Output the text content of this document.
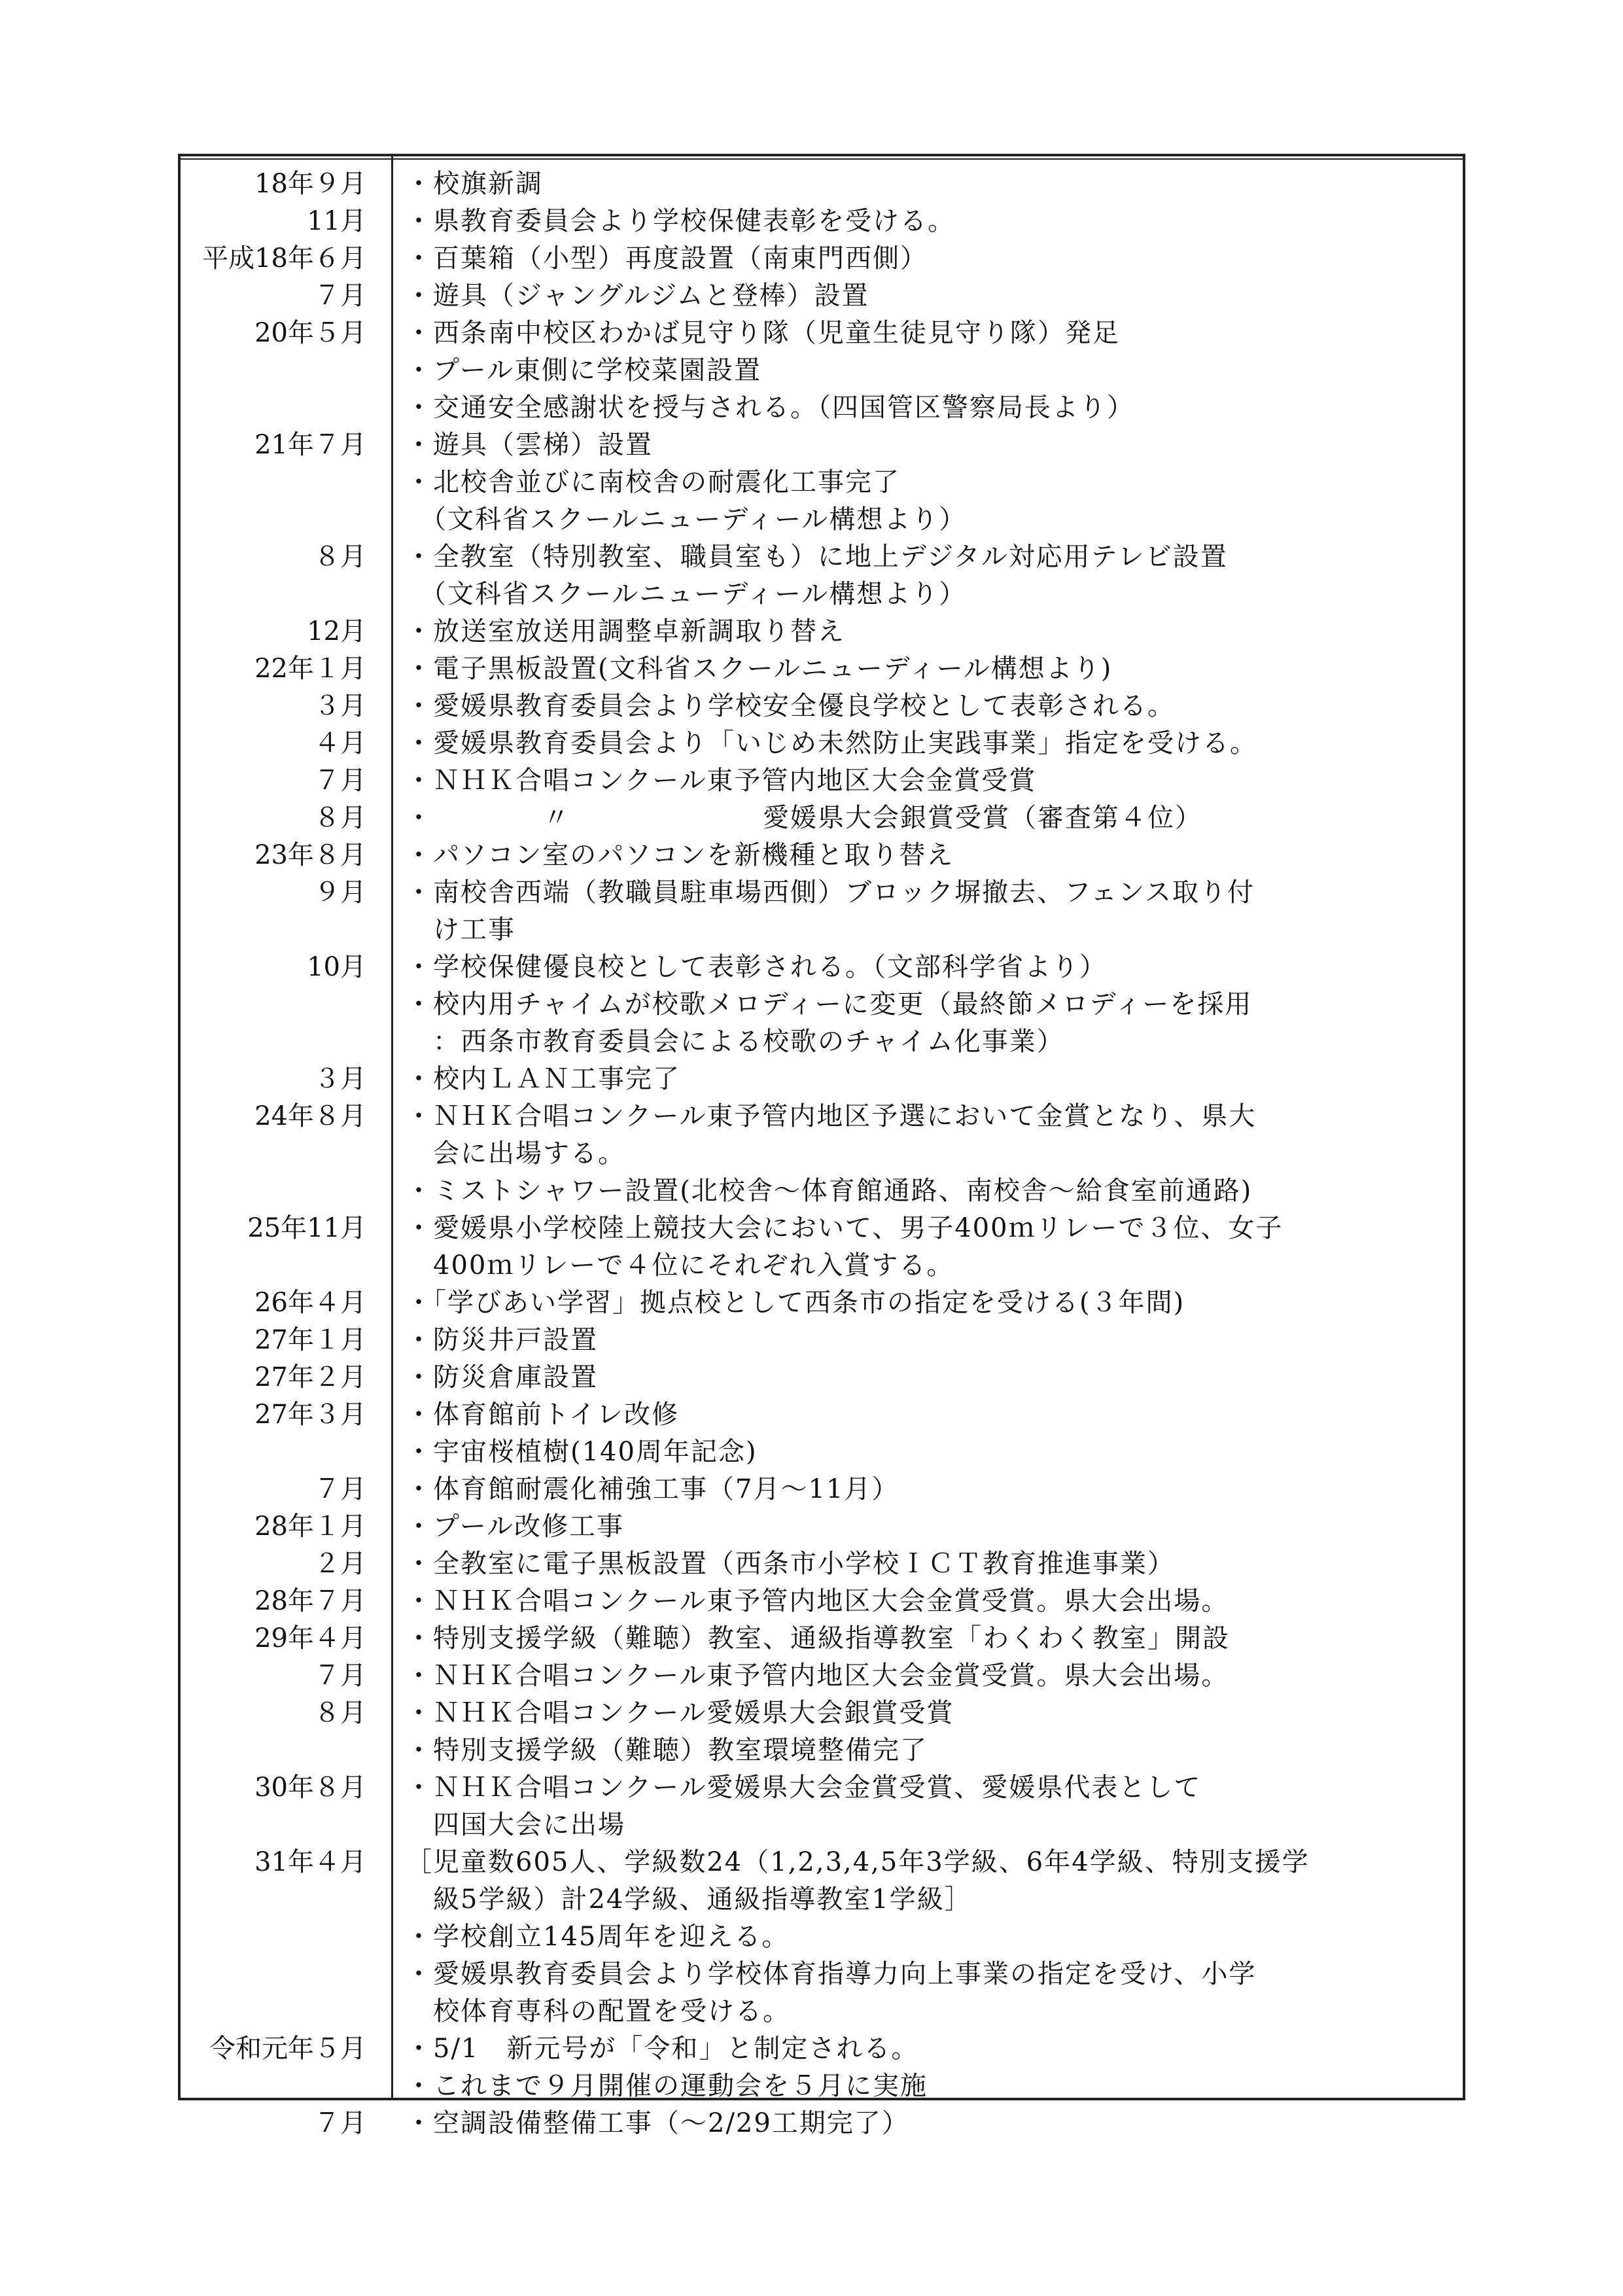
18年９月	・校旗新調
11月	・県教育委員会より学校保健表彰を受ける。
平成18年６月	・百葉箱（小型）再度設置（南東門西側）
７月	・遊具（ジャングルジムと登棒）設置
20年５月	・西条南中校区わかば見守り隊（児童生徒見守り隊）発足
・プール東側に学校菜園設置
・交通安全感謝状を授与される。（四国管区警察局長より）
21年７月	・遊具（雲梯）設置
・北校舎並びに南校舎の耐震化工事完了
　（文科省スクールニューディール構想より）
８月	・全教室（特別教室、職員室も）に地上デジタル対応用テレビ設置
　（文科省スクールニューディール構想より）
12月	・放送室放送用調整卓新調取り替え
22年１月	・電子黒板設置(文科省スクールニューディール構想より)
３月	・愛媛県教育委員会より学校安全優良学校として表彰される。
４月	・愛媛県教育委員会より「いじめ未然防止実践事業」指定を受ける。
７月	・ＮＨＫ合唱コンクール東予管内地区大会金賞受賞
８月	・　　　　〃　　　　　　　愛媛県大会銀賞受賞（審査第４位）
23年８月	・パソコン室のパソコンを新機種と取り替え
９月	・南校舎西端（教職員駐車場西側）ブロック塀撤去、フェンス取り付
　け工事
10月	・学校保健優良校として表彰される。（文部科学省より）
・校内用チャイムが校歌メロディーに変更（最終節メロディーを採用
　：西条市教育委員会による校歌のチャイム化事業）
３月	・校内ＬＡＮ工事完了
24年８月	・ＮＨＫ合唱コンクール東予管内地区予選において金賞となり、県大
　会に出場する。
・ミストシャワー設置(北校舎～体育館通路、南校舎～給食室前通路)
25年11月	・愛媛県小学校陸上競技大会において、男子400ｍリレーで３位、女子
　400ｍリレーで４位にそれぞれ入賞する。
26年４月	・「学びあい学習」拠点校として西条市の指定を受ける(３年間)
27年１月	・防災井戸設置
27年２月	・防災倉庫設置
27年３月	・体育館前トイレ改修
・宇宙桜植樹(140周年記念)
７月	・体育館耐震化補強工事（7月～11月）
28年１月	・プール改修工事
２月	・全教室に電子黒板設置（西条市小学校ＩＣＴ教育推進事業）
28年７月	・ＮＨＫ合唱コンクール東予管内地区大会金賞受賞。県大会出場。
29年４月	・特別支援学級（難聴）教室、通級指導教室「わくわく教室」開設
７月	・ＮＨＫ合唱コンクール東予管内地区大会金賞受賞。県大会出場。
８月	・ＮＨＫ合唱コンクール愛媛県大会銀賞受賞
・特別支援学級（難聴）教室環境整備完了
30年８月	・ＮＨＫ合唱コンクール愛媛県大会金賞受賞、愛媛県代表として
　四国大会に出場
31年４月	［児童数605人、学級数24（1,2,3,4,5年3学級、6年4学級、特別支援学
　級5学級）計24学級、通級指導教室1学級］
・学校創立145周年を迎える。
・愛媛県教育委員会より学校体育指導力向上事業の指定を受け、小学
　校体育専科の配置を受ける。
令和元年５月	・5/1　新元号が「令和」と制定される。
・これまで９月開催の運動会を５月に実施
７月	・空調設備整備工事（～2/29工期完了）
